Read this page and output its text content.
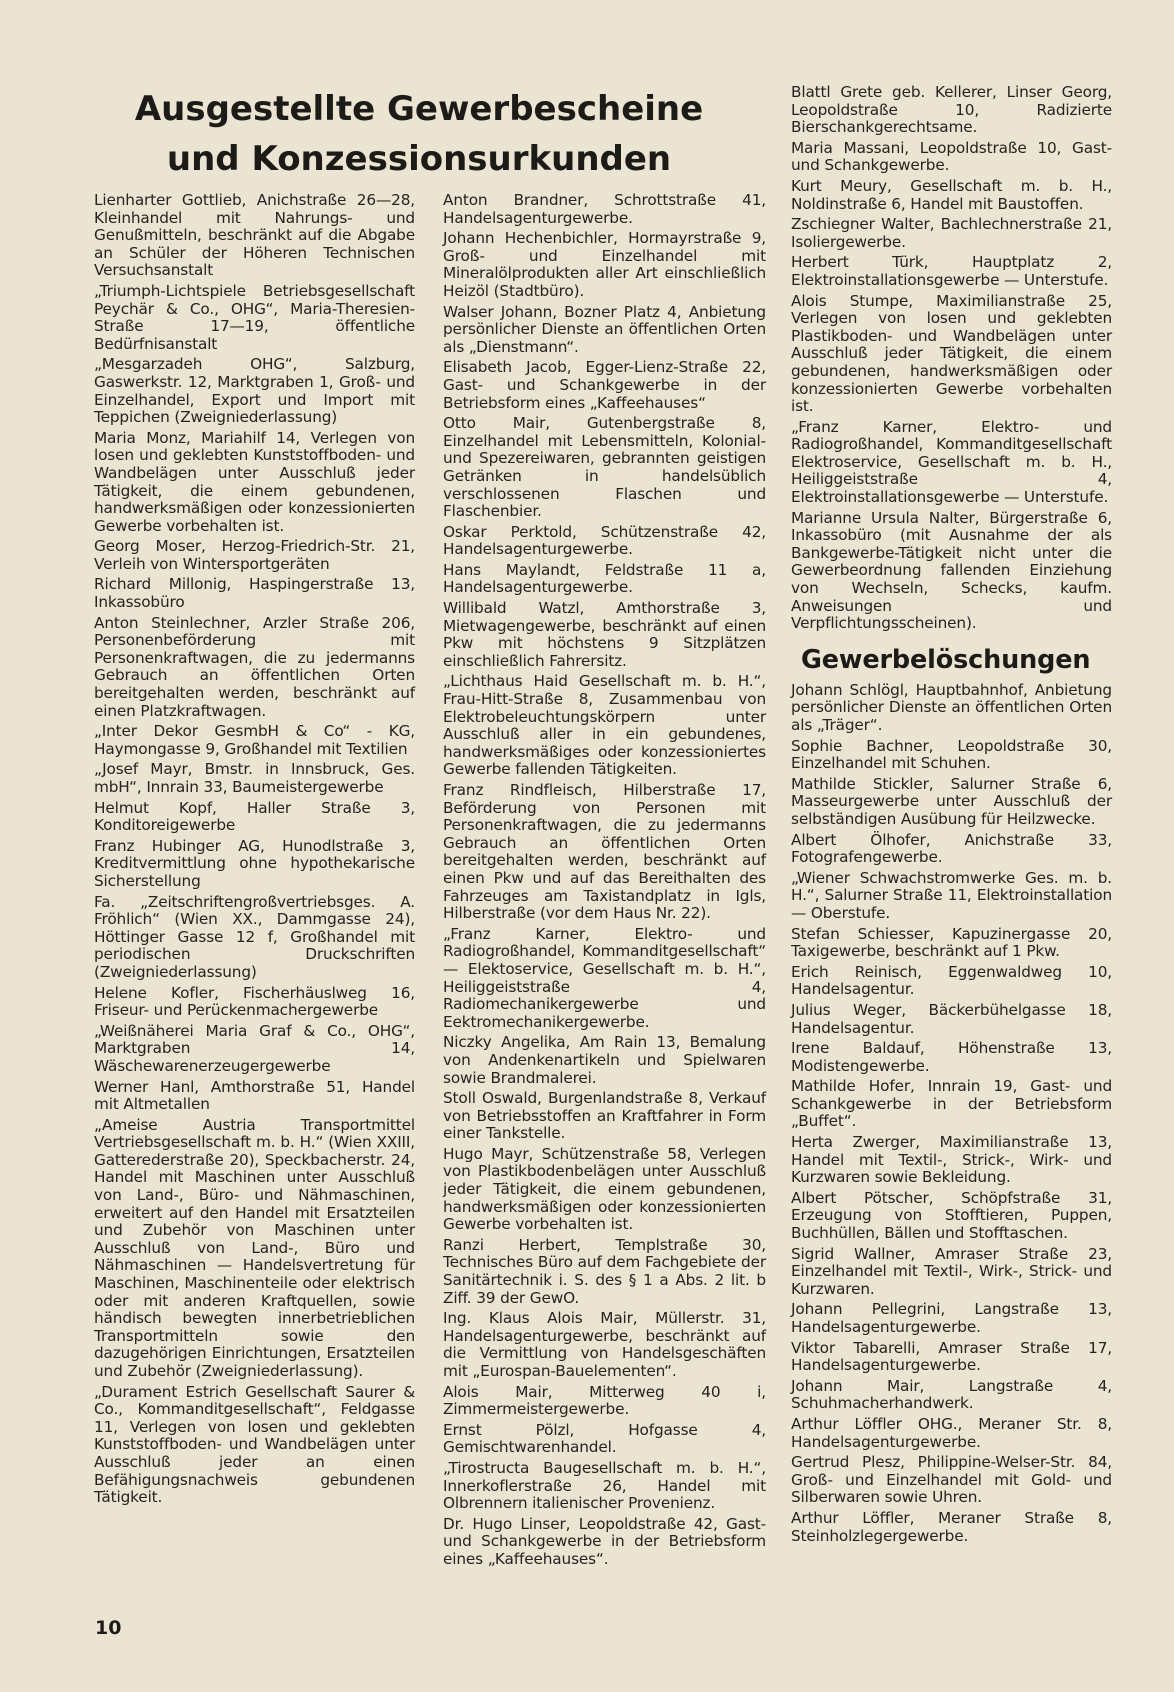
Ausgestellte Gewerbescheine
und Konzessionsurkunden

Lienharter Gottlieb, Anichstraße 26—28, Kleinhandel mit Nahrungs- und Genußmitteln, beschränkt auf die Abgabe an Schüler der Höheren Technischen Versuchsanstalt

„Triumph-Lichtspiele Betriebsgesellschaft Peychär & Co., OHG“, Maria-Theresien-Straße 17—19, öffentliche Bedürfnisanstalt

„Mesgarzadeh OHG“, Salzburg, Gaswerkstr. 12, Marktgraben 1, Groß- und Einzelhandel, Export und Import mit Teppichen (Zweigniederlassung)

Maria Monz, Mariahilf 14, Verlegen von losen und geklebten Kunststoffboden- und Wandbelägen unter Ausschluß jeder Tätigkeit, die einem gebundenen, handwerksmäßigen oder konzessionierten Gewerbe vorbehalten ist.

Georg Moser, Herzog-Friedrich-Str. 21, Verleih von Wintersportgeräten

Richard Millonig, Haspingerstraße 13, Inkassobüro

Anton Steinlechner, Arzler Straße 206, Personenbeförderung mit Personenkraftwagen, die zu jedermanns Gebrauch an öffentlichen Orten bereitgehalten werden, beschränkt auf einen Platzkraftwagen.

„Inter Dekor GesmbH & Co“ - KG, Haymongasse 9, Großhandel mit Textilien

„Josef Mayr, Bmstr. in Innsbruck, Ges. mbH“, Innrain 33, Baumeistergewerbe

Helmut Kopf, Haller Straße 3, Konditoreigewerbe

Franz Hubinger AG, Hunodlstraße 3, Kreditvermittlung ohne hypothekarische Sicherstellung

Fa. „Zeitschriftengroßvertriebsges. A. Fröhlich“ (Wien XX., Dammgasse 24), Höttinger Gasse 12 f, Großhandel mit periodischen Druckschriften (Zweigniederlassung)

Helene Kofler, Fischerhäuslweg 16, Friseur- und Perückenmachergewerbe

„Weißnäherei Maria Graf & Co., OHG“, Marktgraben 14, Wäschewarenerzeugergewerbe

Werner Hanl, Amthorstraße 51, Handel mit Altmetallen

„Ameise Austria Transportmittel Vertriebsgesellschaft m. b. H.“ (Wien XXIII, Gatterederstraße 20), Speckbacherstr. 24, Handel mit Maschinen unter Ausschluß von Land-, Büro- und Nähmaschinen, erweitert auf den Handel mit Ersatzteilen und Zubehör von Maschinen unter Ausschluß von Land-, Büro und Nähmaschinen — Handelsvertretung für Maschinen, Maschinenteile oder elektrisch oder mit anderen Kraftquellen, sowie händisch bewegten innerbetrieblichen Transportmitteln sowie den dazugehörigen Einrichtungen, Ersatzteilen und Zubehör (Zweigniederlassung).

„Durament Estrich Gesellschaft Saurer & Co., Kommanditgesellschaft“, Feldgasse 11, Verlegen von losen und geklebten Kunststoffboden- und Wandbelägen unter Ausschluß jeder an einen Befähigungsnachweis gebundenen Tätigkeit.

Anton Brandner, Schrottstraße 41, Handelsagenturgewerbe.

Johann Hechenbichler, Hormayrstraße 9, Groß- und Einzelhandel mit Mineralölprodukten aller Art einschließlich Heizöl (Stadtbüro).

Walser Johann, Bozner Platz 4, Anbietung persönlicher Dienste an öffentlichen Orten als „Dienstmann“.

Elisabeth Jacob, Egger-Lienz-Straße 22, Gast- und Schankgewerbe in der Betriebsform eines „Kaffeehauses“

Otto Mair, Gutenbergstraße 8, Einzelhandel mit Lebensmitteln, Kolonial- und Spezereiwaren, gebrannten geistigen Getränken in handelsüblich verschlossenen Flaschen und Flaschenbier.

Oskar Perktold, Schützenstraße 42, Handelsagenturgewerbe.

Hans Maylandt, Feldstraße 11 a, Handelsagenturgewerbe.

Willibald Watzl, Amthorstraße 3, Mietwagengewerbe, beschränkt auf einen Pkw mit höchstens 9 Sitzplätzen einschließlich Fahrersitz.

„Lichthaus Haid Gesellschaft m. b. H.“, Frau-Hitt-Straße 8, Zusammenbau von Elektrobeleuchtungskörpern unter Ausschluß aller in ein gebundenes, handwerksmäßiges oder konzessioniertes Gewerbe fallenden Tätigkeiten.

Franz Rindfleisch, Hilberstraße 17, Beförderung von Personen mit Personenkraftwagen, die zu jedermanns Gebrauch an öffentlichen Orten bereitgehalten werden, beschränkt auf einen Pkw und auf das Bereithalten des Fahrzeuges am Taxistandplatz in Igls, Hilberstraße (vor dem Haus Nr. 22).

„Franz Karner, Elektro- und Radiogroßhandel, Kommanditgesellschaft“ — Elektoservice, Gesellschaft m. b. H.“, Heiliggeiststraße 4, Radiomechanikergewerbe und Eektromechanikergewerbe.

Niczky Angelika, Am Rain 13, Bemalung von Andenkenartikeln und Spielwaren sowie Brandmalerei.

Stoll Oswald, Burgenlandstraße 8, Verkauf von Betriebsstoffen an Kraftfahrer in Form einer Tankstelle.

Hugo Mayr, Schützenstraße 58, Verlegen von Plastikbodenbelägen unter Ausschluß jeder Tätigkeit, die einem gebundenen, handwerksmäßigen oder konzessionierten Gewerbe vorbehalten ist.

Ranzi Herbert, Templstraße 30, Technisches Büro auf dem Fachgebiete der Sanitärtechnik i. S. des § 1 a Abs. 2 lit. b Ziff. 39 der GewO.

Ing. Klaus Alois Mair, Müllerstr. 31, Handelsagenturgewerbe, beschränkt auf die Vermittlung von Handelsgeschäften mit „Eurospan-Bauelementen“.

Alois Mair, Mitterweg 40 i, Zimmermeistergewerbe.

Ernst Pölzl, Hofgasse 4, Gemischtwarenhandel.

„Tirostructa Baugesellschaft m. b. H.“, Innerkoflerstraße 26, Handel mit Olbrennern italienischer Provenienz.

Dr. Hugo Linser, Leopoldstraße 42, Gast- und Schankgewerbe in der Betriebsform eines „Kaffeehauses“.

Blattl Grete geb. Kellerer, Linser Georg, Leopoldstraße 10, Radizierte Bierschankgerechtsame.

Maria Massani, Leopoldstraße 10, Gast- und Schankgewerbe.

Kurt Meury, Gesellschaft m. b. H., Noldinstraße 6, Handel mit Baustoffen.

Zschiegner Walter, Bachlechnerstraße 21, Isoliergewerbe.

Herbert Türk, Hauptplatz 2, Elektroinstallationsgewerbe — Unterstufe.

Alois Stumpe, Maximilianstraße 25, Verlegen von losen und geklebten Plastikboden- und Wandbelägen unter Ausschluß jeder Tätigkeit, die einem gebundenen, handwerksmäßigen oder konzessionierten Gewerbe vorbehalten ist.

„Franz Karner, Elektro- und Radiogroßhandel, Kommanditgesellschaft Elektroservice, Gesellschaft m. b. H., Heiliggeiststraße 4, Elektroinstallationsgewerbe — Unterstufe.

Marianne Ursula Nalter, Bürgerstraße 6, Inkassobüro (mit Ausnahme der als Bankgewerbe-Tätigkeit nicht unter die Gewerbeordnung fallenden Einziehung von Wechseln, Schecks, kaufm. Anweisungen und Verpflichtungsscheinen).

Gewerbelöschungen

Johann Schlögl, Hauptbahnhof, Anbietung persönlicher Dienste an öffentlichen Orten als „Träger“.

Sophie Bachner, Leopoldstraße 30, Einzelhandel mit Schuhen.

Mathilde Stickler, Salurner Straße 6, Masseurgewerbe unter Ausschluß der selbständigen Ausübung für Heilzwecke.

Albert Ölhofer, Anichstraße 33, Fotografengewerbe.

„Wiener Schwachstromwerke Ges. m. b. H.“, Salurner Straße 11, Elektroinstallation — Oberstufe.

Stefan Schiesser, Kapuzinergasse 20, Taxigewerbe, beschränkt auf 1 Pkw.

Erich Reinisch, Eggenwaldweg 10, Handelsagentur.

Julius Weger, Bäckerbühelgasse 18, Handelsagentur.

Irene Baldauf, Höhenstraße 13, Modistengewerbe.

Mathilde Hofer, Innrain 19, Gast- und Schankgewerbe in der Betriebsform „Buffet“.

Herta Zwerger, Maximilianstraße 13, Handel mit Textil-, Strick-, Wirk- und Kurzwaren sowie Bekleidung.

Albert Pötscher, Schöpfstraße 31, Erzeugung von Stofftieren, Puppen, Buchhüllen, Bällen und Stofftaschen.

Sigrid Wallner, Amraser Straße 23, Einzelhandel mit Textil-, Wirk-, Strick- und Kurzwaren.

Johann Pellegrini, Langstraße 13, Handelsagenturgewerbe.

Viktor Tabarelli, Amraser Straße 17, Handelsagenturgewerbe.

Johann Mair, Langstraße 4, Schuhmacherhandwerk.

Arthur Löffler OHG., Meraner Str. 8, Handelsagenturgewerbe.

Gertrud Plesz, Philippine-Welser-Str. 84, Groß- und Einzelhandel mit Gold- und Silberwaren sowie Uhren.

Arthur Löffler, Meraner Straße 8, Steinholzlegergewerbe.

10
